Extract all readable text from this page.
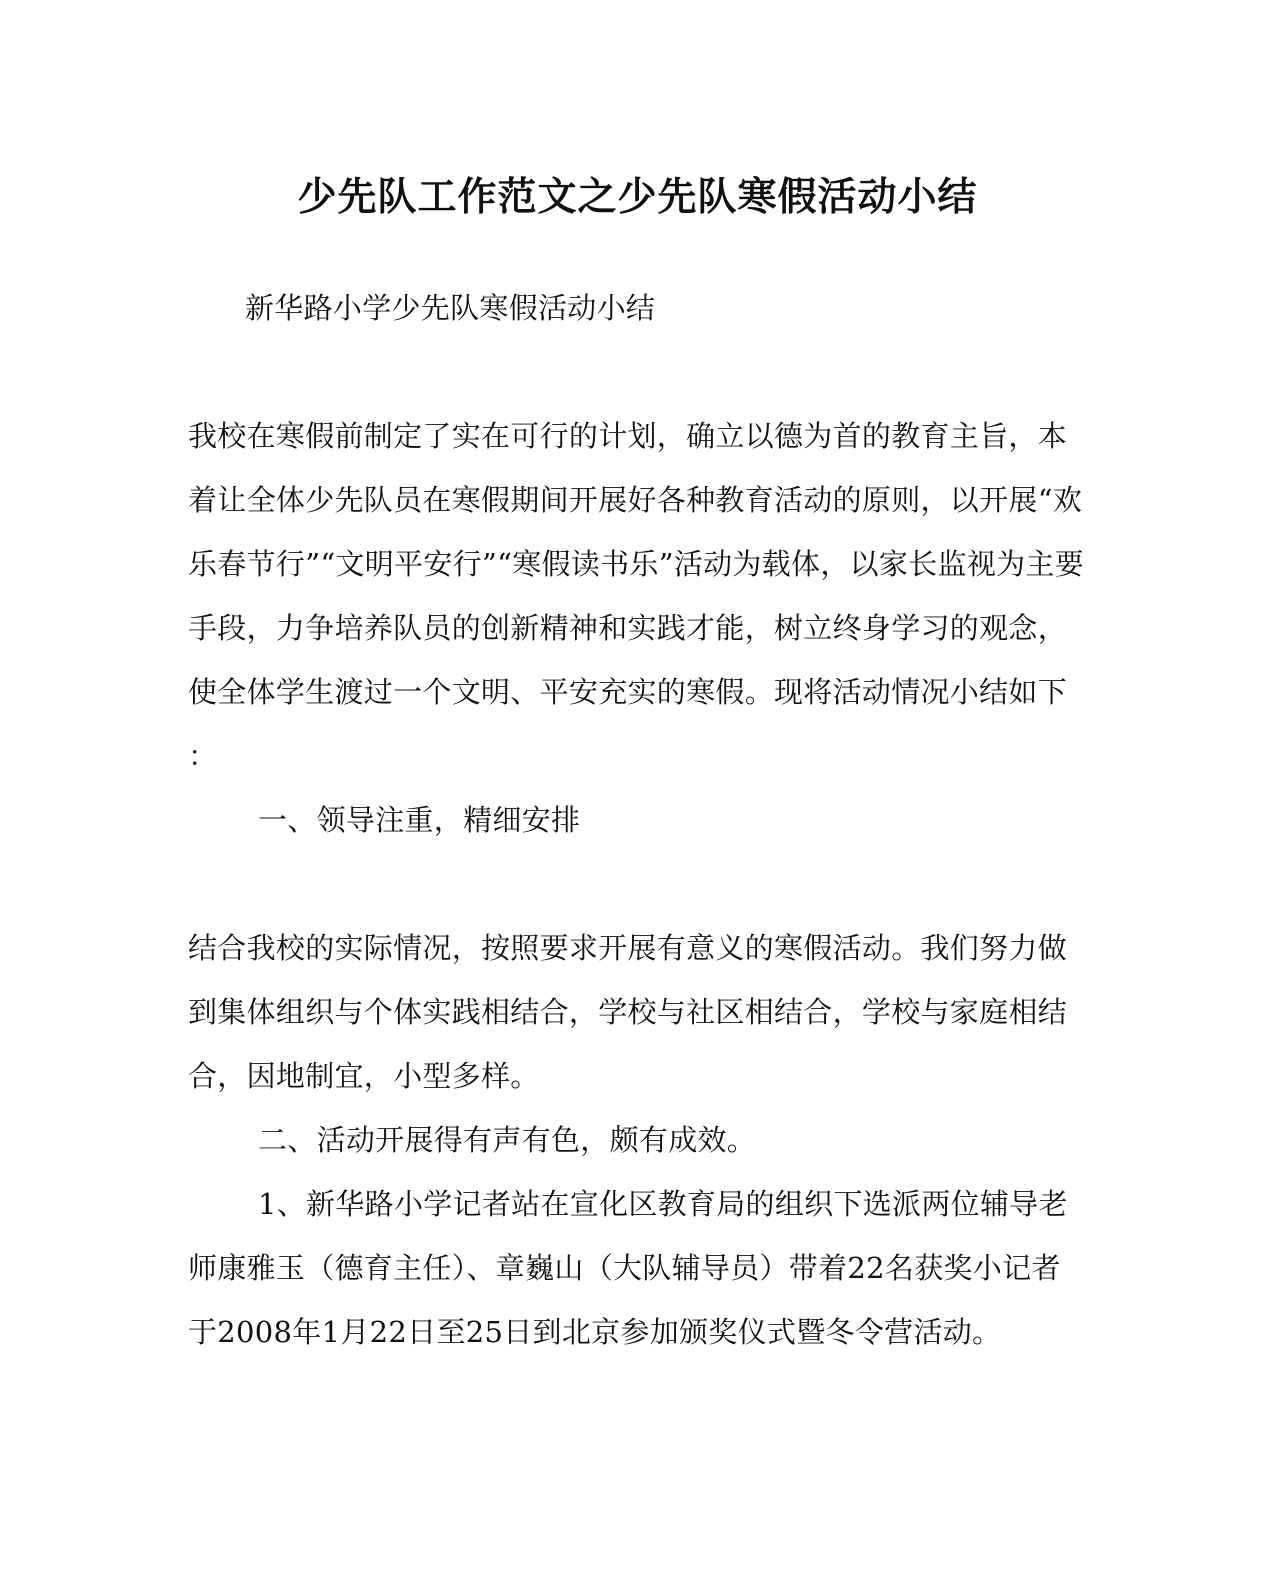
少先队工作范文之少先队寒假活动小结

新华路小学少先队寒假活动小结

我校在寒假前制定了实在可行的计划，确立以德为首的教育主旨，本

着让全体少先队员在寒假期间开展好各种教育活动的原则，以开展“欢

乐春节行”“文明平安行”“寒假读书乐”活动为载体，以家长监视为主要

手段，力争培养队员的创新精神和实践才能，树立终身学习的观念，

使全体学生渡过一个文明、平安充实的寒假。现将活动情况小结如下

：

一、领导注重，精细安排

结合我校的实际情况，按照要求开展有意义的寒假活动。我们努力做

到集体组织与个体实践相结合，学校与社区相结合，学校与家庭相结

合，因地制宜，小型多样。

二、活动开展得有声有色，颇有成效。

1、新华路小学记者站在宣化区教育局的组织下选派两位辅导老

师康雅玉（德育主任）、章巍山（大队辅导员）带着22名获奖小记者

于2008年1月22日至25日到北京参加颁奖仪式暨冬令营活动。
